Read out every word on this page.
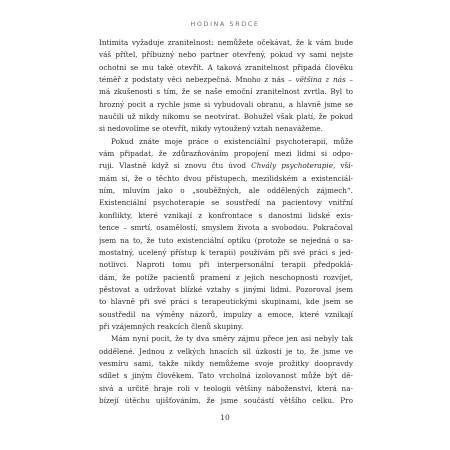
HODINA SRDCE
Intimita vyžaduje zranitelnost: nemůžete očekávat, že k vám bude
váš přítel, příbuzný nebo partner otevřený, pokud vy sami nejste
ochotni se mu také otevřít. A taková zranitelnost připadá člověku
téměř z podstaty věci nebezpečná. Mnoho z nás – většina z nás –
má zkušenosti s tím, že se naše emoční zranitelnost zvrtla. Byl to
hrozný pocit a rychle jsme si vybudovali obranu, a hlavně jsme se
naučili už nikdy nikomu se neotvírat. Bohužel však platí, že pokud
si nedovolíme se otevřít, nikdy vytoužený vztah nenavážeme.
Pokud znáte moje práce o existenciální psychoterapii, může
vám připadat, že zdůrazňováním propojení mezi lidmi si odpo-
ruji. Vlastně když si znovu čtu úvod Chvály psychoterapie, vší-
mám si, že o těchto dvou přístupech, mezilidském a existenciál-
ním, mluvím jako o „souběžných, ale oddělených zájmech“.
Existenciální psychoterapie se soustředí na pacientovy vnitřní
konflikty, které vznikají z konfrontace s danostmi lidské exis-
tence – smrtí, osamělostí, smyslem života a svobodou. Pokračoval
jsem na to, že tuto existenciální optiku (protože se nejedná o sa-
mostatný, ucelený přístup k terapii) používám při své práci s jed-
notlivci. Naproti tomu při interpersonální terapii předpoklá-
dám, že potíže pacientů pramení z jejich neschopnosti rozvíjet,
pěstovat a udržovat blízké vztahy s jinými lidmi. Pozoroval jsem
to hlavně při své práci s terapeutickými skupinami, kde jsem se
soustředil na výměny názorů, impulzy a emoce, které vznikají
při vzájemných reakcích členů skupiny.
Mám nyní pocit, že ty dva směry zájmu přece jen asi nebyly tak
oddělené. Jednou z velkých hnacích sil úzkosti je to, že jsme ve
vesmíru sami, takže nikdy nemůžeme svoje prožitky doopravdy
sdílet s jiným člověkem. Tato vrcholná izolovanost může být dě-
sivá a určitě hraje roli v teologii většiny náboženství, která na-
bízejí útěchu ujišťováním, že jsme součástí většího celku. Pro
10
